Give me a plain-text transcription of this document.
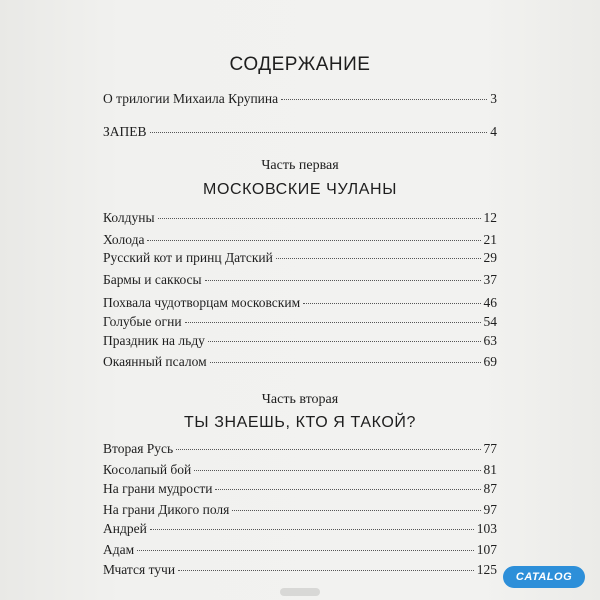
СОДЕРЖАНИЕ
О трилогии Михаила Крупина	3
ЗАПЕВ	4
Часть первая
МОСКОВСКИЕ ЧУЛАНЫ
Колдуны	12
Холода	21
Русский кот и принц Датский	29
Бармы и саккосы	37
Похвала чудотворцам московским	46
Голубые огни	54
Праздник на льду	63
Окаянный псалом	69
Часть вторая
ТЫ ЗНАЕШЬ, КТО Я ТАКОЙ?
Вторая Русь	77
Косолапый бой	81
На грани мудрости	87
На грани Дикого поля	97
Андрей	103
Адам	107
Мчатся тучи	125	CATALOG
